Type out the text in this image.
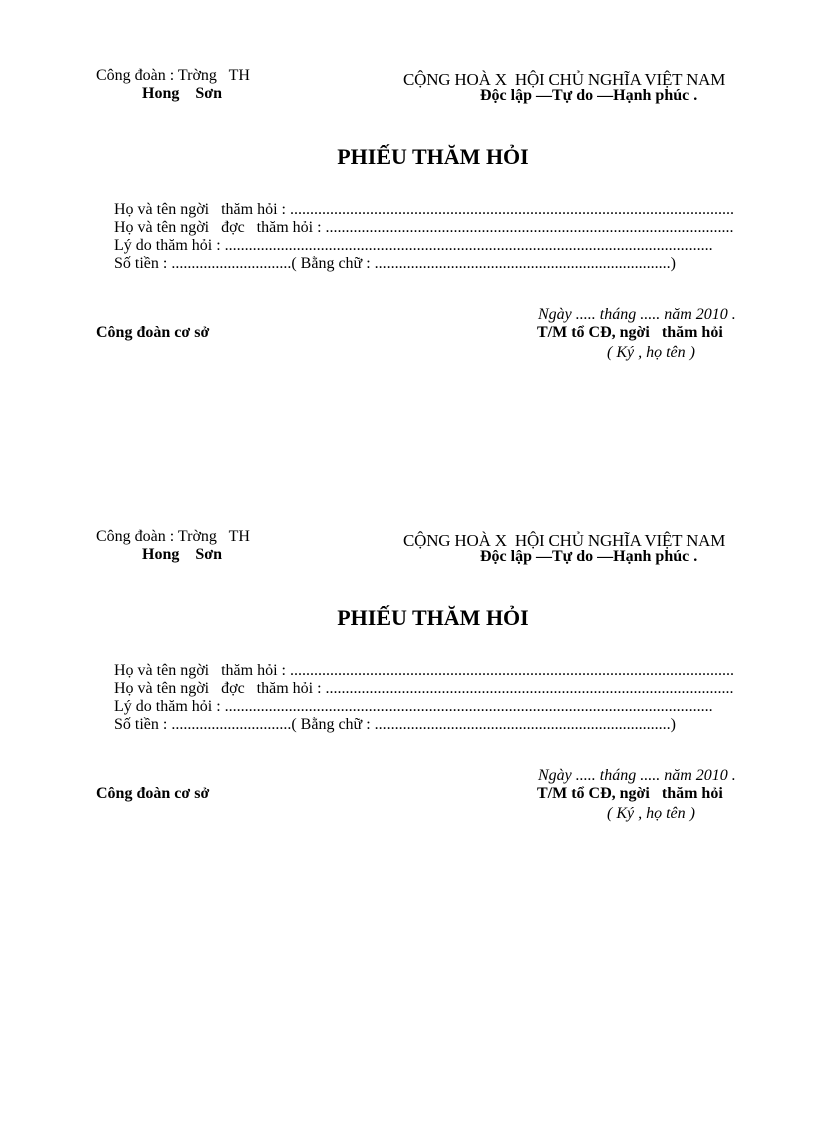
Công đoàn : Trờng   TH
Hong    Sơn
CỘNG HOÀ X  HỘI CHỦ NGHĨA VIỆT NAM
Độc lập —Tự do —Hạnh phúc .
PHIẾU THĂM HỎI
Họ và tên ngời   thăm hỏi : ...............................................................................................................
Họ và tên ngời   đợc   thăm hỏi : ......................................................................................................
Lý do thăm hỏi : ..........................................................................................................................
Số tiền : ..............................( Bằng chữ : ..........................................................................)
Ngày ..... tháng ..... năm 2010 .
Công đoàn cơ sở	T/M tổ CĐ, ngời   thăm hỏi
( Ký , họ tên )
Công đoàn : Trờng   TH
Hong    Sơn
CỘNG HOÀ X  HỘI CHỦ NGHĨA VIỆT NAM
Độc lập —Tự do —Hạnh phúc .
PHIẾU THĂM HỎI
Họ và tên ngời   thăm hỏi : ...............................................................................................................
Họ và tên ngời   đợc   thăm hỏi : ......................................................................................................
Lý do thăm hỏi : ..........................................................................................................................
Số tiền : ..............................( Bằng chữ : ..........................................................................)
Ngày ..... tháng ..... năm 2010 .
Công đoàn cơ sở	T/M tổ CĐ, ngời   thăm hỏi
( Ký , họ tên )
